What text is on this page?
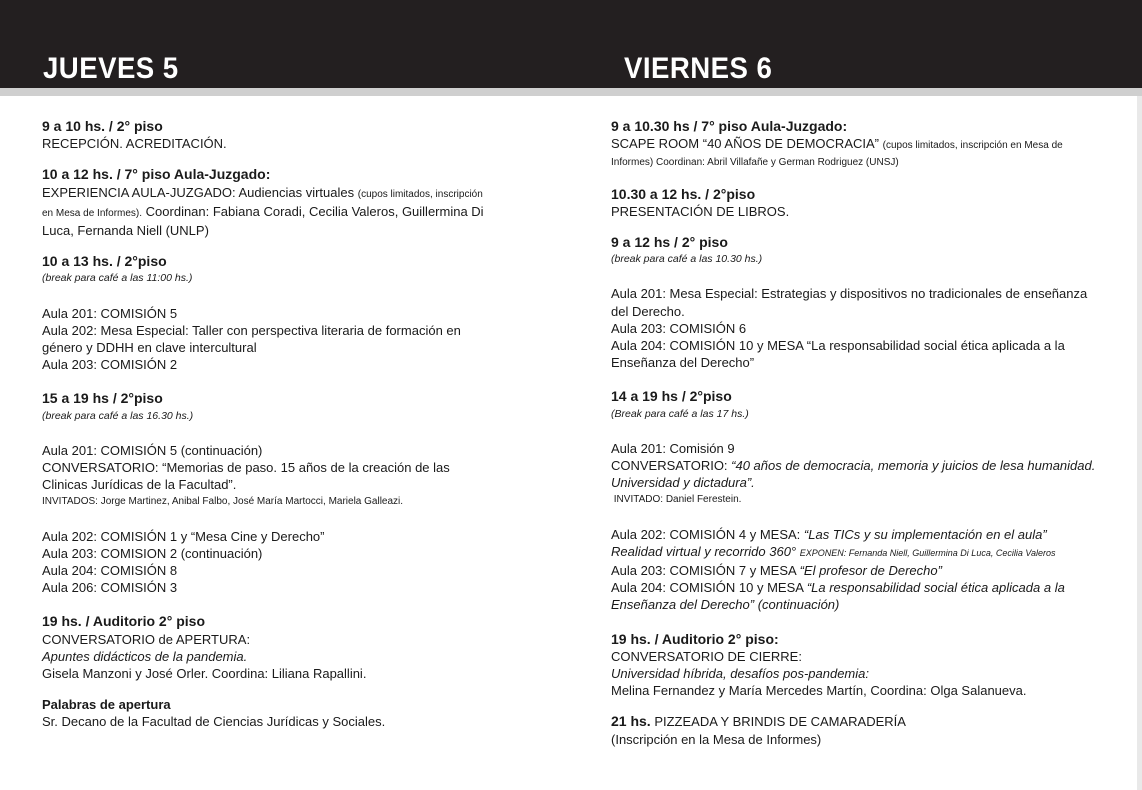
JUEVES 5	VIERNES 6
9 a 10 hs. / 2° piso
RECEPCIÓN. ACREDITACIÓN.
10 a 12 hs. / 7° piso Aula-Juzgado:
EXPERIENCIA AULA-JUZGADO: Audiencias virtuales (cupos limitados, inscripción
en Mesa de Informes). Coordinan: Fabiana Coradi, Cecilia Valeros, Guillermina Di
Luca, Fernanda Niell (UNLP)
10 a 13 hs. / 2°piso
(break para café a las 11:00 hs.)
Aula 201: COMISIÓN 5
Aula 202: Mesa Especial: Taller con perspectiva literaria de formación en
género y DDHH en clave intercultural
Aula 203: COMISIÓN 2
15 a 19 hs / 2°piso
(break para café a las 16.30 hs.)
Aula 201: COMISIÓN 5 (continuación)
CONVERSATORIO: “Memorias de paso. 15 años de la creación de las
Clinicas Jurídicas de la Facultad”.
INVITADOS: Jorge Martinez, Anibal Falbo, José María Martocci, Mariela Galleazi.
Aula 202: COMISIÓN 1 y “Mesa Cine y Derecho”
Aula 203: COMISION 2 (continuación)
Aula 204: COMISIÓN 8
Aula 206: COMISIÓN 3
19 hs. / Auditorio 2° piso
CONVERSATORIO de APERTURA:
Apuntes didácticos de la pandemia.
Gisela Manzoni y José Orler. Coordina: Liliana Rapallini.
Palabras de apertura
Sr. Decano de la Facultad de Ciencias Jurídicas y Sociales.
9 a 10.30 hs / 7° piso Aula-Juzgado:
SCAPE ROOM “40 AÑOS DE DEMOCRACIA” (cupos limitados, inscripción en Mesa de
Informes) Coordinan: Abril Villafañe y German Rodriguez (UNSJ)
10.30 a 12 hs. / 2°piso
PRESENTACIÓN DE LIBROS.
9 a 12 hs / 2° piso
(break para café a las 10.30 hs.)
Aula 201: Mesa Especial: Estrategias y dispositivos no tradicionales de enseñanza
del Derecho.
Aula 203: COMISIÓN 6
Aula 204: COMISIÓN 10 y MESA “La responsabilidad social ética aplicada a la
Enseñanza del Derecho”
14 a 19 hs / 2°piso
(Break para café a las 17 hs.)
Aula 201: Comisión 9
CONVERSATORIO: “40 años de democracia, memoria y juicios de lesa humanidad.
Universidad y dictadura”.
INVITADO: Daniel Ferestein.
Aula 202: COMISIÓN 4 y MESA: “Las TICs y su implementación en el aula”
Realidad virtual y recorrido 360° EXPONEN: Fernanda Niell, Guillermina Di Luca, Cecilia Valeros
Aula 203: COMISIÓN 7 y MESA “El profesor de Derecho”
Aula 204: COMISIÓN 10 y MESA “La responsabilidad social ética aplicada a la
Enseñanza del Derecho” (continuación)
19 hs. / Auditorio 2° piso:
CONVERSATORIO DE CIERRE:
Universidad híbrida, desafíos pos-pandemia:
Melina Fernandez y María Mercedes Martín, Coordina: Olga Salanueva.
21 hs. PIZZEADA Y BRINDIS DE CAMARADERÍA
(Inscripción en la Mesa de Informes)
